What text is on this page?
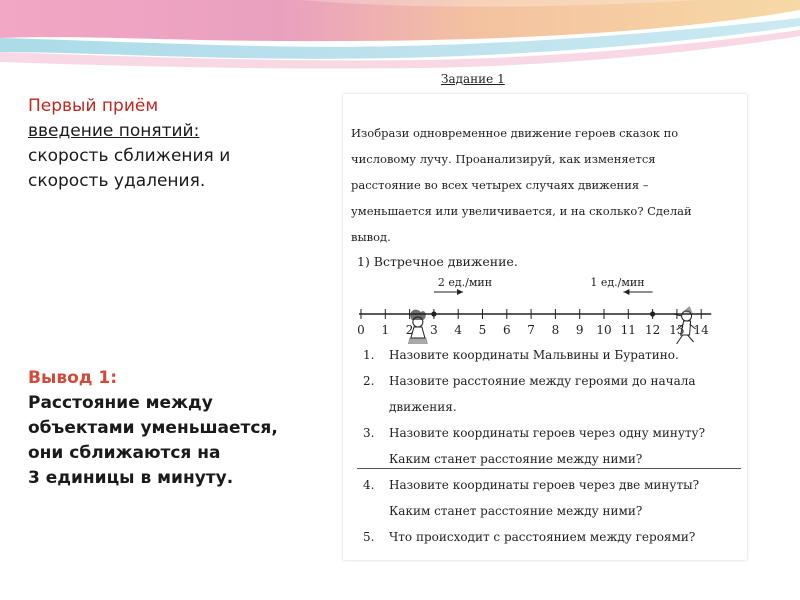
Первый приём
введение понятий:
скорость сближения и
скорость удаления.
Вывод 1:
Расстояние между
объектами уменьшается,
они сближаются на
3 единицы в минуту.
Задание 1
Изобрази одновременное движение героев сказок по
числовому лучу. Проанализируй, как изменяется
расстояние во всех четырех случаях движения –
уменьшается или увеличивается, и на сколько? Сделай
вывод.
1) Встречное движение.
0 1 2 3 4 5 6 7 8 9 10 11 12 13 14
2 ед./мин	1 ед./мин
1.	Назовите координаты Мальвины и Буратино.
2.	Назовите расстояние между героями до начала
движения.
3.	Назовите координаты героев через одну минуту?
Каким станет расстояние между ними?
4.	Назовите координаты героев через две минуты?
Каким станет расстояние между ними?
5.	Что происходит с расстоянием между героями?
